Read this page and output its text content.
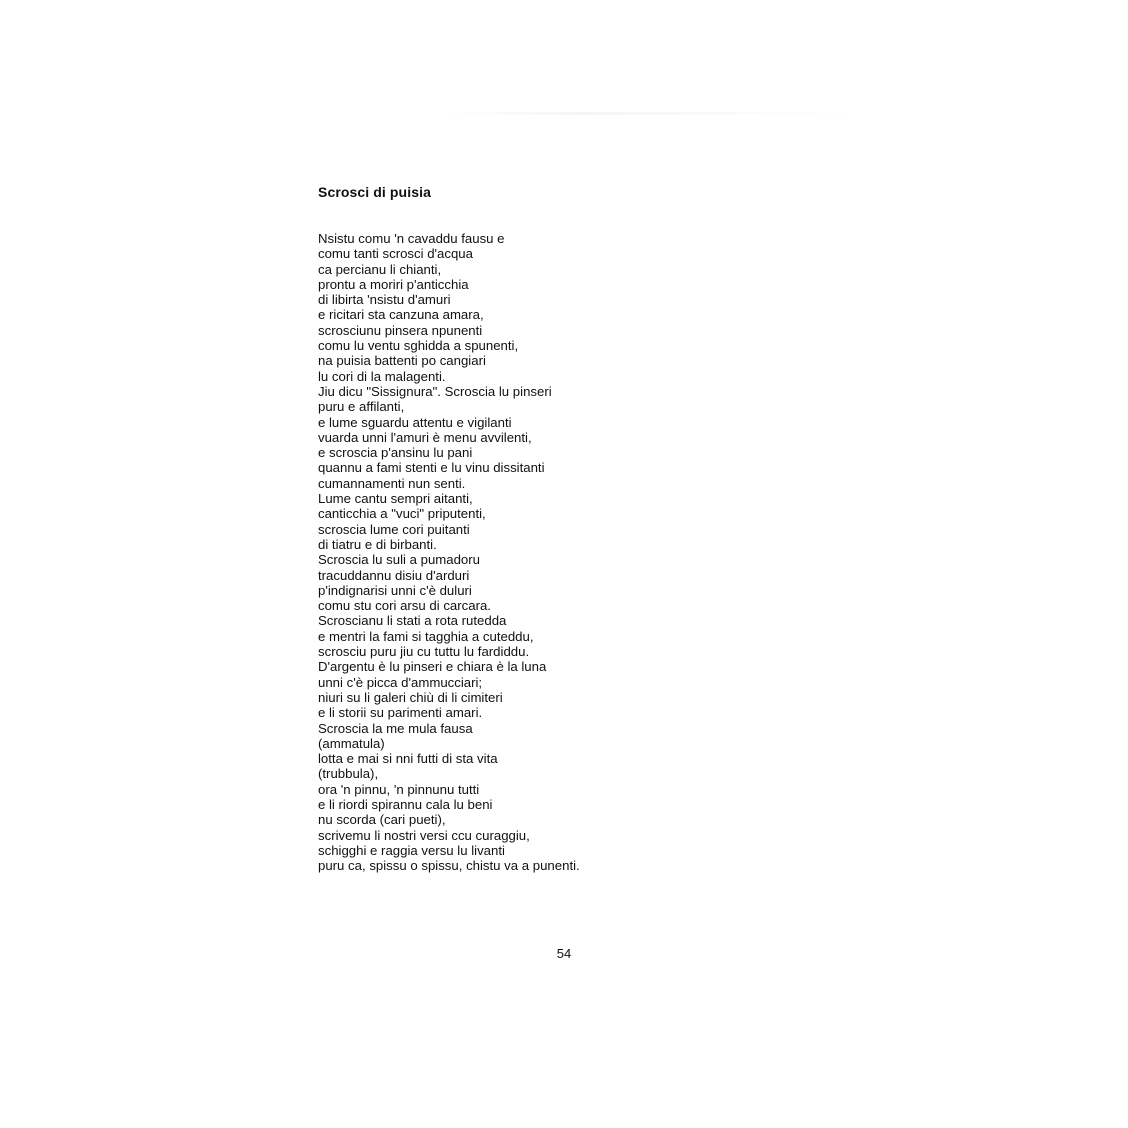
Scrosci di puisia
Nsistu comu 'n cavaddu fausu e
comu tanti scrosci d'acqua
ca percianu li chianti,
prontu a moriri p'anticchia
di libirta 'nsistu d'amuri
e ricitari sta canzuna amara,
scrosciunu pinsera npunenti
comu lu ventu sghidda a spunenti,
na puisia battenti po cangiari
lu cori di la malagenti.
Jiu dicu "Sissignura". Scroscia lu pinseri
puru e affilanti,
e lume sguardu attentu e vigilanti
vuarda unni l'amuri è menu avvilenti,
e scroscia p'ansinu lu pani
quannu a fami stenti e lu vinu dissitanti
cumannamenti nun senti.
Lume cantu sempri aitanti,
canticchia a "vuci" priputenti,
scroscia lume cori puitanti
di tiatru e di birbanti.
Scroscia lu suli a pumadoru
tracuddannu disiu d'arduri
p'indignarisi unni c'è duluri
comu stu cori arsu di carcara.
Scroscianu li stati a rota rutedda
e mentri la fami si tagghia a cuteddu,
scrosciu puru jiu cu tuttu lu fardiddu.
D'argentu è lu pinseri e chiara è la luna
unni c'è picca d'ammucciari;
niuri su li galeri chiù di li cimiteri
e li storii su parimenti amari.
Scroscia la me mula fausa
(ammatula)
lotta e mai si nni futti di sta vita
(trubbula),
ora 'n pinnu, 'n pinnunu tutti
e li riordi spirannu cala lu beni
nu scorda (cari pueti),
scrivemu li nostri versi ccu curaggiu,
schigghi e raggia versu lu livanti
puru ca, spissu o spissu, chistu va a punenti.

54
